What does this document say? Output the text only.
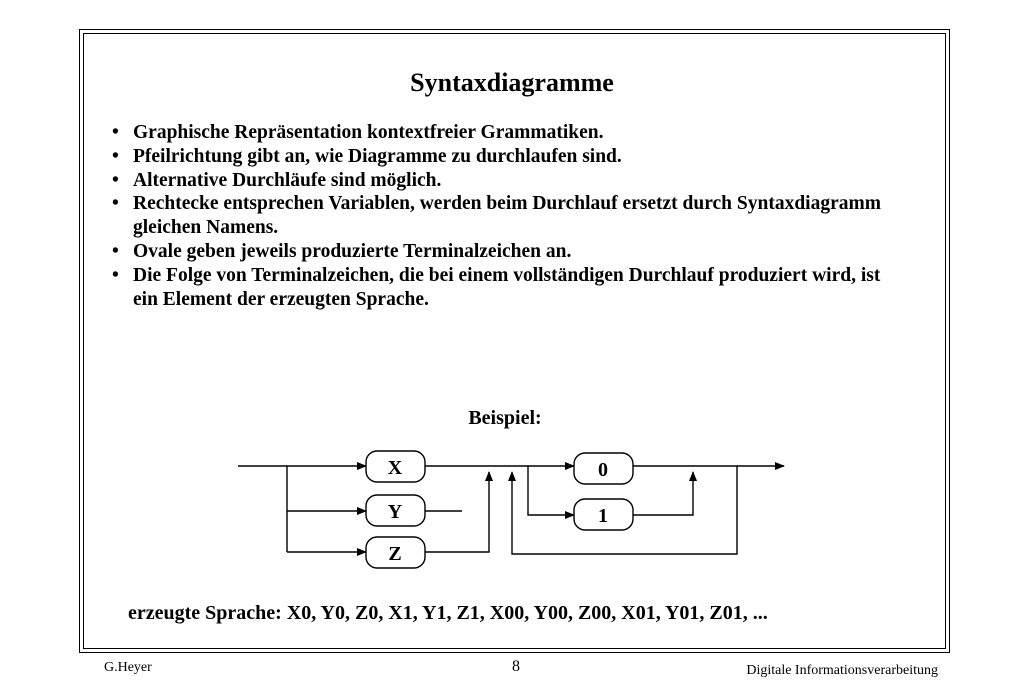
Syntaxdiagramme
• Graphische Repräsentation kontextfreier Grammatiken.
• Pfeilrichtung gibt an, wie Diagramme zu durchlaufen sind.
• Alternative Durchläufe sind möglich.
• Rechtecke entsprechen Variablen, werden beim Durchlauf ersetzt durch Syntaxdiagramm gleichen Namens.
• Ovale geben jeweils produzierte Terminalzeichen an.
• Die Folge von Terminalzeichen, die bei einem vollständigen Durchlauf produziert wird, ist ein Element der erzeugten Sprache.
Beispiel:
X
Y
Z
0
1
erzeugte Sprache: X0, Y0, Z0, X1, Y1, Z1, X00, Y00, Z00, X01, Y01, Z01, ...
G.Heyer	8	Digitale Informationsverarbeitung
